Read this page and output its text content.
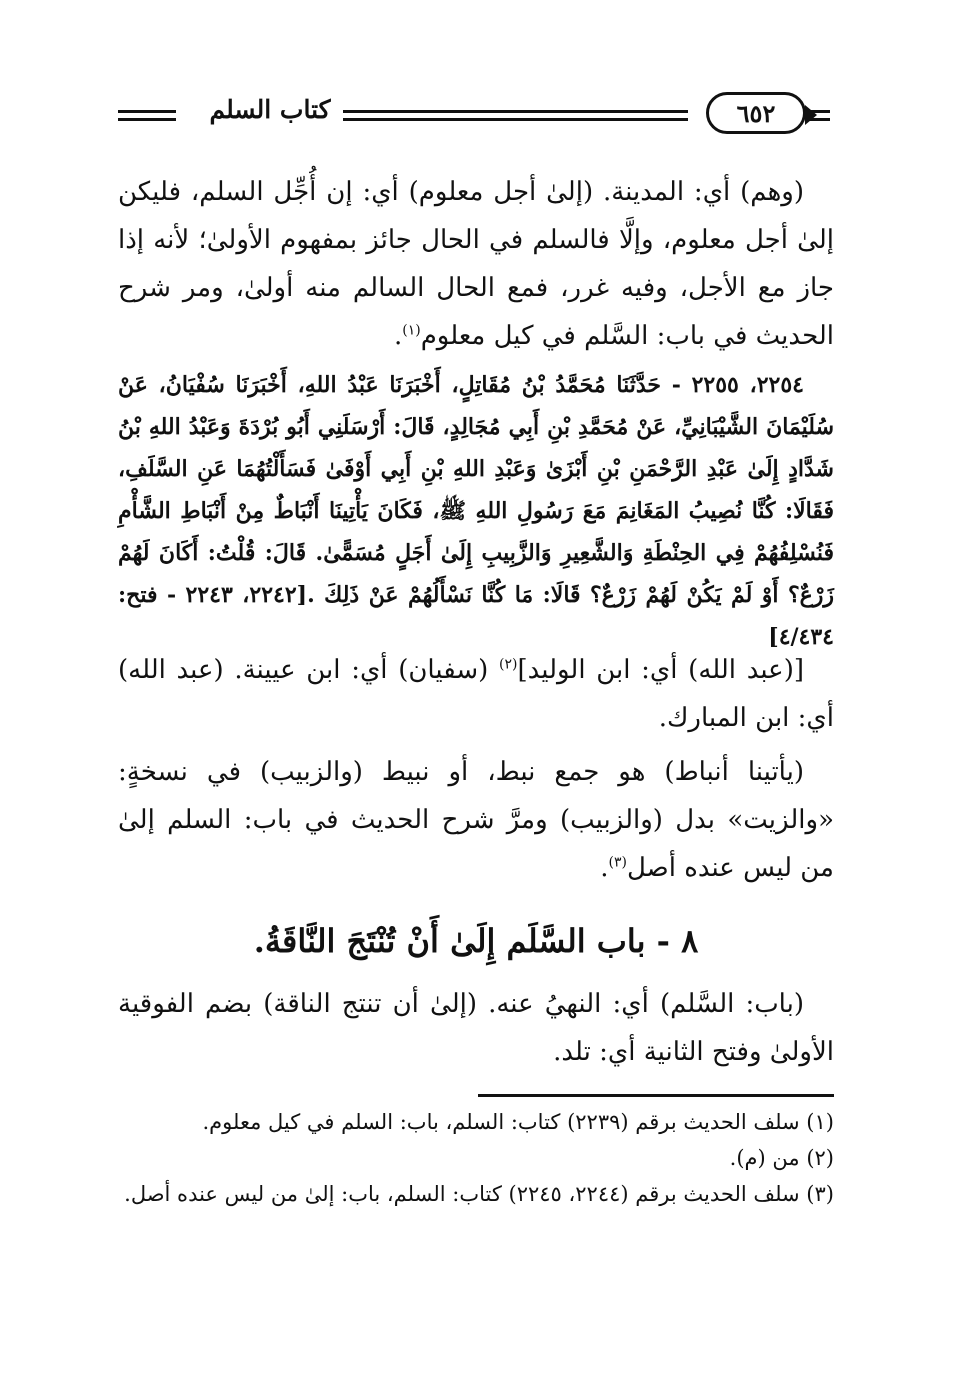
كتاب السلم	٦٥٢

(وهم) أي: المدينة. (إلىٰ أجل معلوم) أي: إن أُجِّل السلم، فليكن إلىٰ أجل معلوم، وإلَّا فالسلم في الحال جائز بمفهوم الأولىٰ؛ لأنه إذا جاز مع الأجل، وفيه غرر، فمع الحال السالم منه أولىٰ، ومر شرح الحديث في باب: السَّلم في كيل معلوم$^{(١)}$.

٢٢٥٤، ٢٢٥٥ - حَدَّثَنَا مُحَمَّدُ بْنُ مُقَاتِلٍ، أَخْبَرَنَا عَبْدُ اللهِ، أَخْبَرَنَا سُفْيَانُ، عَنْ سُلَيْمَانَ الشَّيْبَانِيِّ، عَنْ مُحَمَّدِ بْنِ أَبِي مُجَالِدٍ، قَالَ: أَرْسَلَنِي أَبُو بُرْدَةَ وَعَبْدُ اللهِ بْنُ شَدَّادٍ إِلَىٰ عَبْدِ الرَّحْمَنِ بْنِ أَبْزَىٰ وَعَبْدِ اللهِ بْنِ أَبِي أَوْفَىٰ فَسَأَلْتُهُمَا عَنِ السَّلَفِ، فَقَالَا: كُنَّا نُصِيبُ المَغَانِمَ مَعَ رَسُولِ اللهِ ﷺ، فَكَانَ يَأْتِينَا أَنْبَاطٌ مِنْ أَنْبَاطِ الشَّأْمِ فَنُسْلِفُهُمْ فِي الحِنْطَةِ وَالشَّعِيرِ وَالزَّبِيبِ إِلَىٰ أَجَلٍ مُسَمًّىٰ. قَالَ: قُلْتُ: أَكَانَ لَهُمْ زَرْعٌ؟ أَوْ لَمْ يَكُنْ لَهُمْ زَرْعٌ؟ قَالَا: مَا كُنَّا نَسْأَلُهُمْ عَنْ ذَلِكَ .[٢٢٤٢، ٢٢٤٣ - فتح: ٤/٤٣٤]

[(عبد الله) أي: ابن الوليد]$^{(٢)}$ (سفيان) أي: ابن عيينة. (عبد الله) أي: ابن المبارك.

(يأتينا أنباط) هو جمع نبط، أو نبيط (والزبيب) في نسخةٍ: «والزيت» بدل (والزبيب) ومرَّ شرح الحديث في باب: السلم إلىٰ من ليس عنده أصل$^{(٣)}$.

٨ - باب السَّلَم إِلَىٰ أَنْ تُنْتَجَ النَّاقَةُ.

(باب: السَّلم) أي: النهيُ عنه. (إلىٰ أن تنتج الناقة) بضم الفوقية الأولىٰ وفتح الثانية أي: تلد.

(١) سلف الحديث برقم (٢٢٣٩) كتاب: السلم، باب: السلم في كيل معلوم.

(٢) من (م).

(٣) سلف الحديث برقم (٢٢٤٤، ٢٢٤٥) كتاب: السلم، باب: إلىٰ من ليس عنده أصل.
